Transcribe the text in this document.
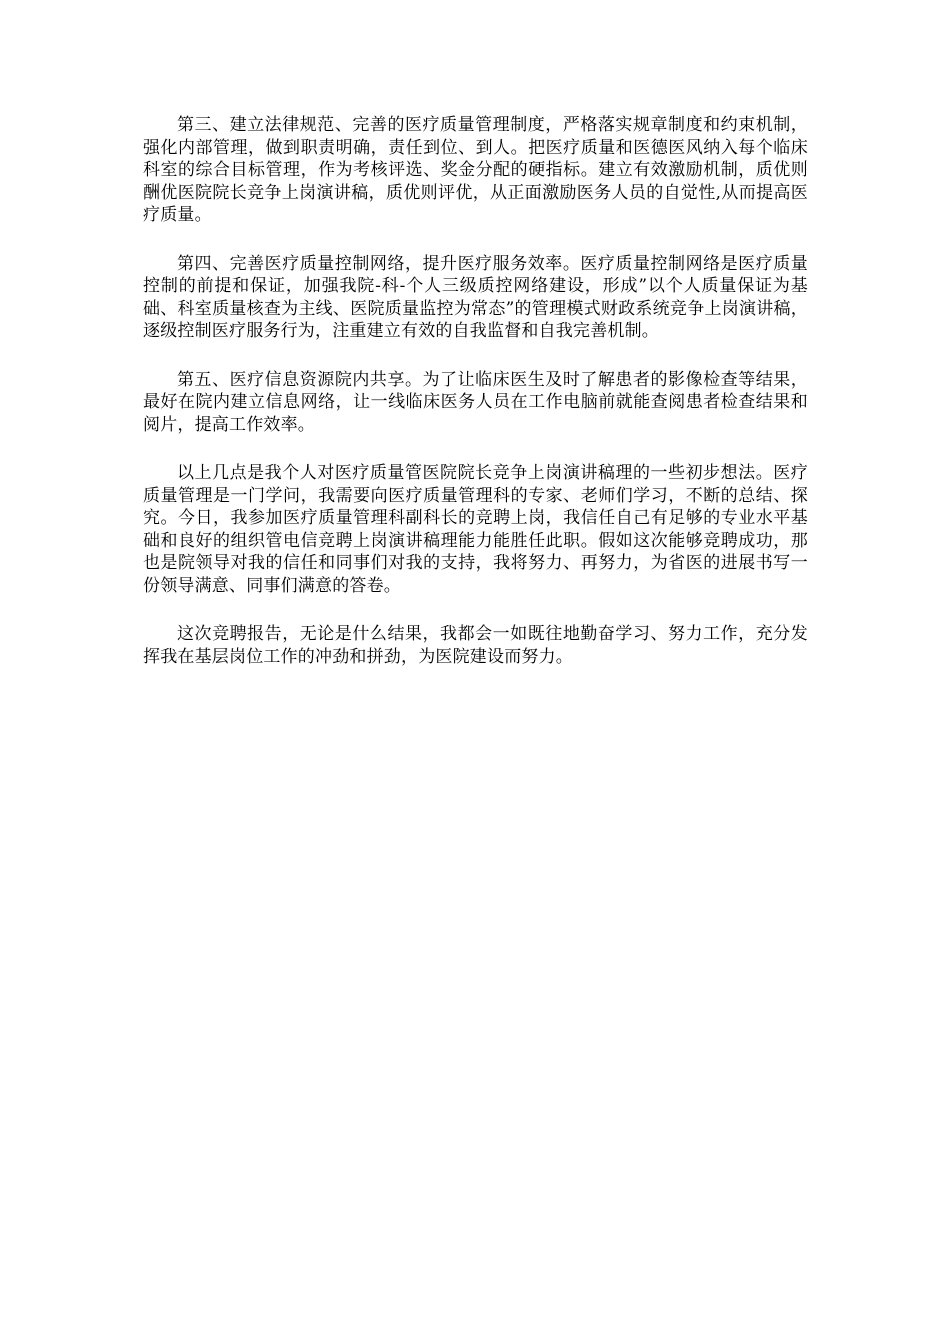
第三、建立法律规范、完善的医疗质量管理制度，严格落实规章制度和约束机制，强化内部管理，做到职责明确，责任到位、到人。把医疗质量和医德医风纳入每个临床科室的综合目标管理，作为考核评选、奖金分配的硬指标。建立有效激励机制，质优则酬优医院院长竞争上岗演讲稿，质优则评优，从正面激励医务人员的自觉性,从而提高医疗质量。

第四、完善医疗质量控制网络，提升医疗服务效率。医疗质量控制网络是医疗质量控制的前提和保证，加强我院-科-个人三级质控网络建设，形成”以个人质量保证为基础、科室质量核查为主线、医院质量监控为常态”的管理模式财政系统竞争上岗演讲稿，逐级控制医疗服务行为，注重建立有效的自我监督和自我完善机制。

第五、医疗信息资源院内共享。为了让临床医生及时了解患者的影像检查等结果，最好在院内建立信息网络，让一线临床医务人员在工作电脑前就能查阅患者检查结果和阅片，提高工作效率。

以上几点是我个人对医疗质量管医院院长竞争上岗演讲稿理的一些初步想法。医疗质量管理是一门学问，我需要向医疗质量管理科的专家、老师们学习，不断的总结、探究。今日，我参加医疗质量管理科副科长的竞聘上岗，我信任自己有足够的专业水平基础和良好的组织管电信竞聘上岗演讲稿理能力能胜任此职。假如这次能够竞聘成功，那也是院领导对我的信任和同事们对我的支持，我将努力、再努力，为省医的进展书写一份领导满意、同事们满意的答卷。

这次竞聘报告，无论是什么结果，我都会一如既往地勤奋学习、努力工作，充分发挥我在基层岗位工作的冲劲和拼劲，为医院建设而努力。
